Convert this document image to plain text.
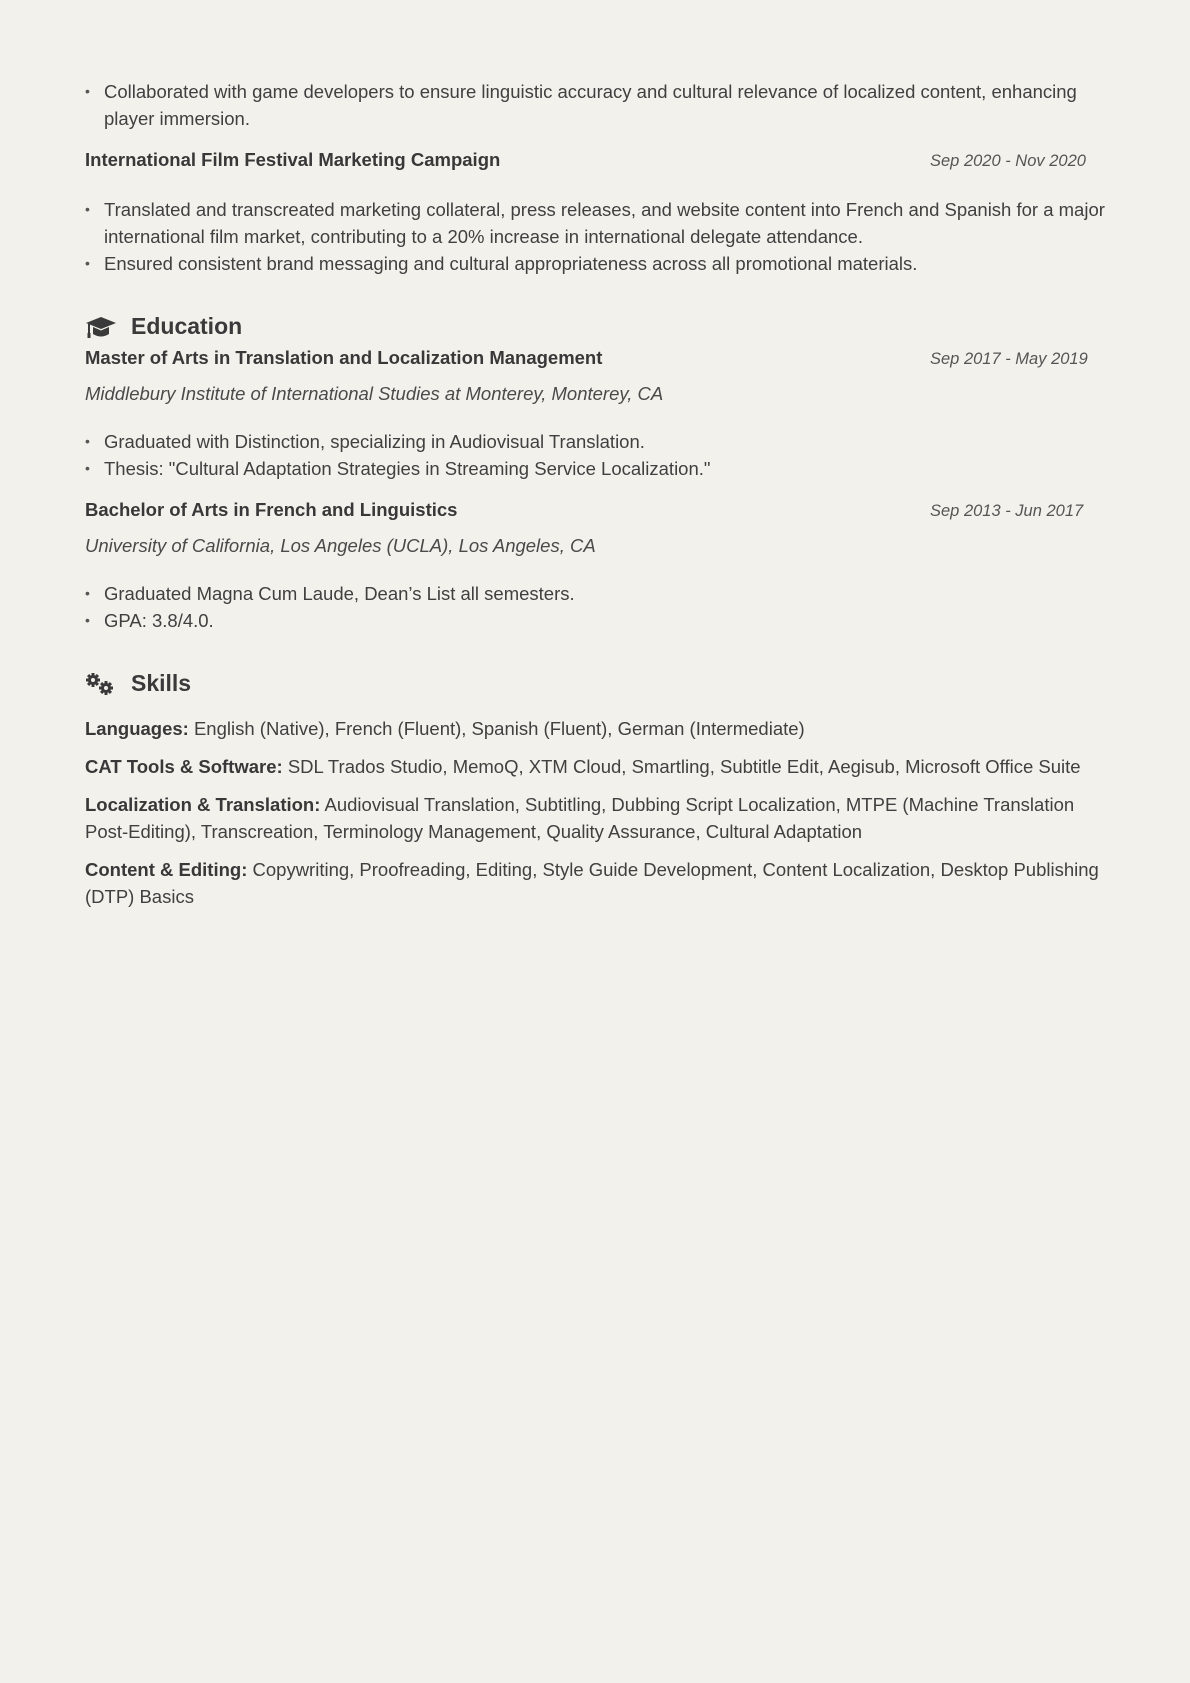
• Collaborated with game developers to ensure linguistic accuracy and cultural relevance of localized content, enhancing player immersion.
International Film Festival Marketing Campaign	Sep 2020 - Nov 2020
• Translated and transcreated marketing collateral, press releases, and website content into French and Spanish for a major international film market, contributing to a 20% increase in international delegate attendance.
• Ensured consistent brand messaging and cultural appropriateness across all promotional materials.
Education
Master of Arts in Translation and Localization Management	Sep 2017 - May 2019
Middlebury Institute of International Studies at Monterey, Monterey, CA
• Graduated with Distinction, specializing in Audiovisual Translation.
• Thesis: "Cultural Adaptation Strategies in Streaming Service Localization."
Bachelor of Arts in French and Linguistics	Sep 2013 - Jun 2017
University of California, Los Angeles (UCLA), Los Angeles, CA
• Graduated Magna Cum Laude, Dean’s List all semesters.
• GPA: 3.8/4.0.
Skills
Languages: English (Native), French (Fluent), Spanish (Fluent), German (Intermediate)
CAT Tools & Software: SDL Trados Studio, MemoQ, XTM Cloud, Smartling, Subtitle Edit, Aegisub, Microsoft Office Suite
Localization & Translation: Audiovisual Translation, Subtitling, Dubbing Script Localization, MTPE (Machine Translation Post-Editing), Transcreation, Terminology Management, Quality Assurance, Cultural Adaptation
Content & Editing: Copywriting, Proofreading, Editing, Style Guide Development, Content Localization, Desktop Publishing (DTP) Basics
